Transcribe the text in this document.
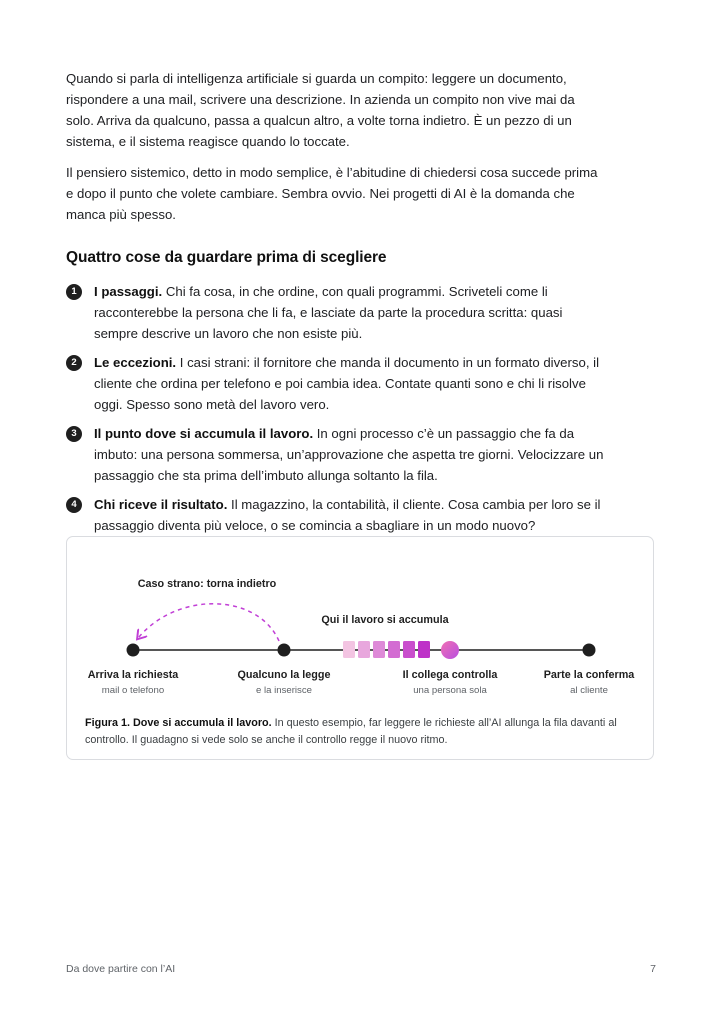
Quando si parla di intelligenza artificiale si guarda un compito: leggere un documento, rispondere a una mail, scrivere una descrizione. In azienda un compito non vive mai da solo. Arriva da qualcuno, passa a qualcun altro, a volte torna indietro. È un pezzo di un sistema, e il sistema reagisce quando lo toccate.

Il pensiero sistemico, detto in modo semplice, è l’abitudine di chiedersi cosa succede prima e dopo il punto che volete cambiare. Sembra ovvio. Nei progetti di AI è la domanda che manca più spesso.

Quattro cose da guardare prima di scegliere
1	I passaggi. Chi fa cosa, in che ordine, con quali programmi. Scriveteli come li racconterebbe la persona che li fa, e lasciate da parte la procedura scritta: quasi sempre descrive un lavoro che non esiste più.
2	Le eccezioni. I casi strani: il fornitore che manda il documento in un formato diverso, il cliente che ordina per telefono e poi cambia idea. Contate quanti sono e chi li risolve oggi. Spesso sono metà del lavoro vero.
3	Il punto dove si accumula il lavoro. In ogni processo c’è un passaggio che fa da imbuto: una persona sommersa, un’approvazione che aspetta tre giorni. Velocizzare un passaggio che sta prima dell’imbuto allunga soltanto la fila.
4	Chi riceve il risultato. Il magazzino, la contabilità, il cliente. Cosa cambia per loro se il passaggio diventa più veloce, o se comincia a sbagliare in un modo nuovo?
Caso strano: torna indietro
Qui il lavoro si accumula
Arriva la richiesta
mail o telefono
Qualcuno la legge
e la inserisce
Il collega controlla
una persona sola
Parte la conferma
al cliente
Figura 1. Dove si accumula il lavoro. In questo esempio, far leggere le richieste all’AI allunga la fila davanti al controllo. Il guadagno si vede solo se anche il controllo regge il nuovo ritmo.
Da dove partire con l’AI	7
